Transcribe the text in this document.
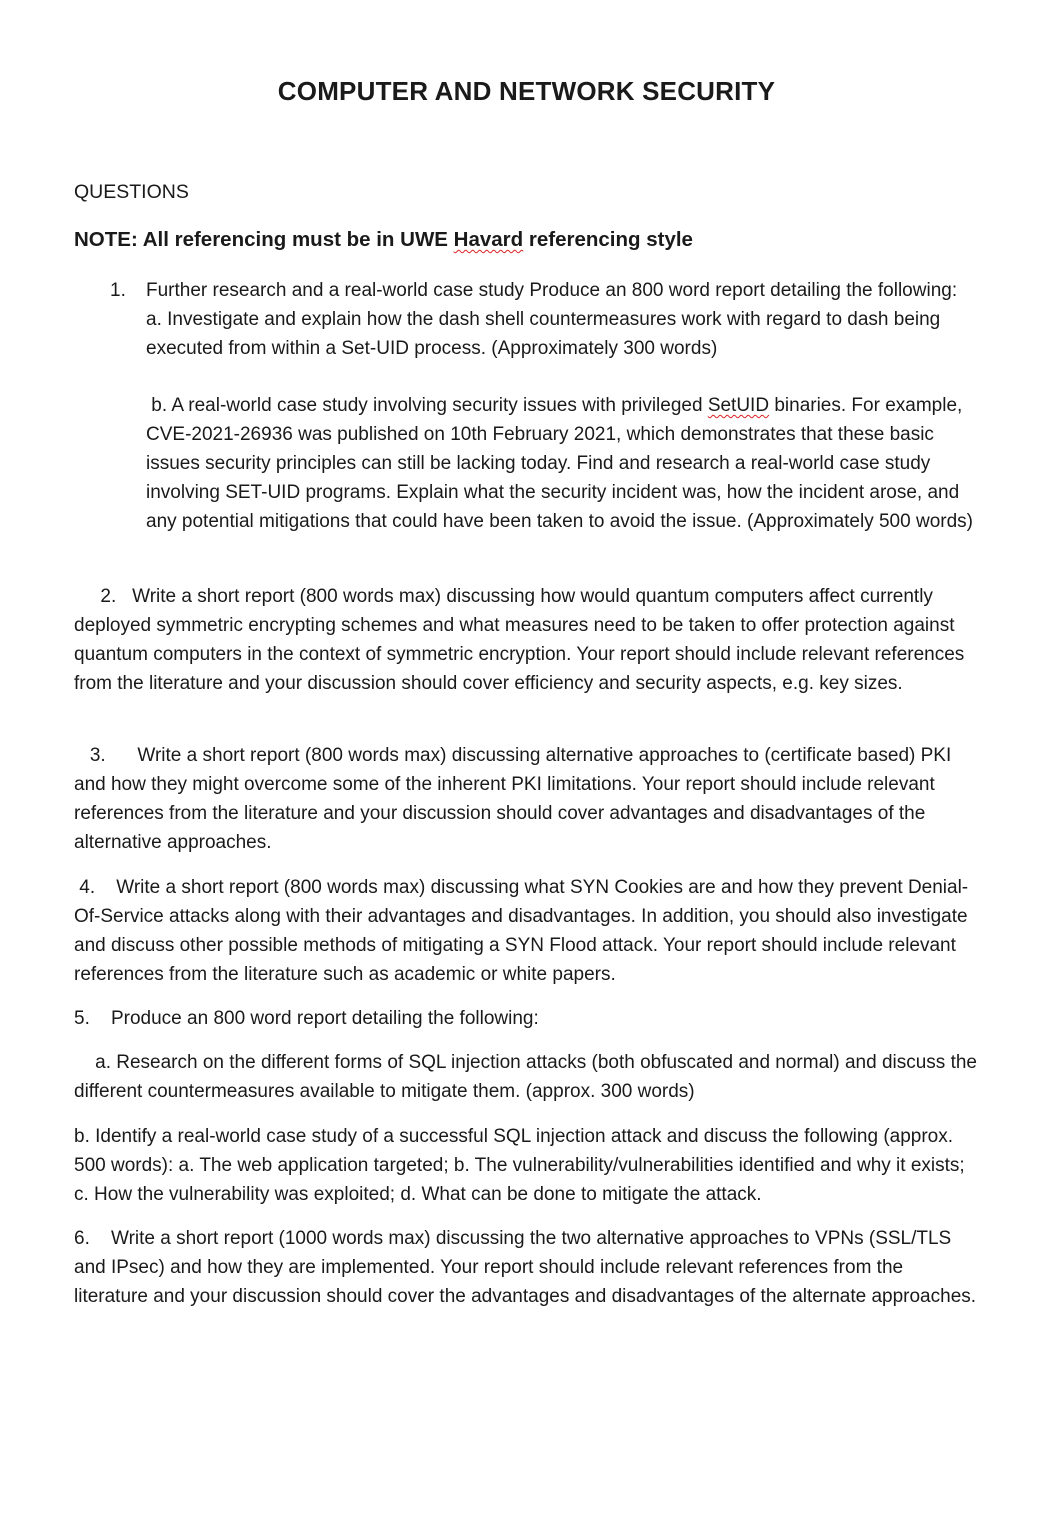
COMPUTER AND NETWORK SECURITY

QUESTIONS

NOTE: All referencing must be in UWE Havard referencing style

1. Further research and a real-world case study Produce an 800 word report detailing the following: a. Investigate and explain how the dash shell countermeasures work with regard to dash being executed from within a Set-UID process. (Approximately 300 words)

b. A real-world case study involving security issues with privileged SetUID binaries. For example, CVE-2021-26936 was published on 10th February 2021, which demonstrates that these basic issues security principles can still be lacking today. Find and research a real-world case study involving SET-UID programs. Explain what the security incident was, how the incident arose, and any potential mitigations that could have been taken to avoid the issue. (Approximately 500 words)

2. Write a short report (800 words max) discussing how would quantum computers affect currently deployed symmetric encrypting schemes and what measures need to be taken to offer protection against quantum computers in the context of symmetric encryption. Your report should include relevant references from the literature and your discussion should cover efficiency and security aspects, e.g. key sizes.

3. Write a short report (800 words max) discussing alternative approaches to (certificate based) PKI and how they might overcome some of the inherent PKI limitations. Your report should include relevant references from the literature and your discussion should cover advantages and disadvantages of the alternative approaches.

4. Write a short report (800 words max) discussing what SYN Cookies are and how they prevent Denial-Of-Service attacks along with their advantages and disadvantages. In addition, you should also investigate and discuss other possible methods of mitigating a SYN Flood attack. Your report should include relevant references from the literature such as academic or white papers.

5. Produce an 800 word report detailing the following:

a. Research on the different forms of SQL injection attacks (both obfuscated and normal) and discuss the different countermeasures available to mitigate them. (approx. 300 words)

b. Identify a real-world case study of a successful SQL injection attack and discuss the following (approx. 500 words): a. The web application targeted; b. The vulnerability/vulnerabilities identified and why it exists; c. How the vulnerability was exploited; d. What can be done to mitigate the attack.

6. Write a short report (1000 words max) discussing the two alternative approaches to VPNs (SSL/TLS and IPsec) and how they are implemented. Your report should include relevant references from the literature and your discussion should cover the advantages and disadvantages of the alternate approaches.
